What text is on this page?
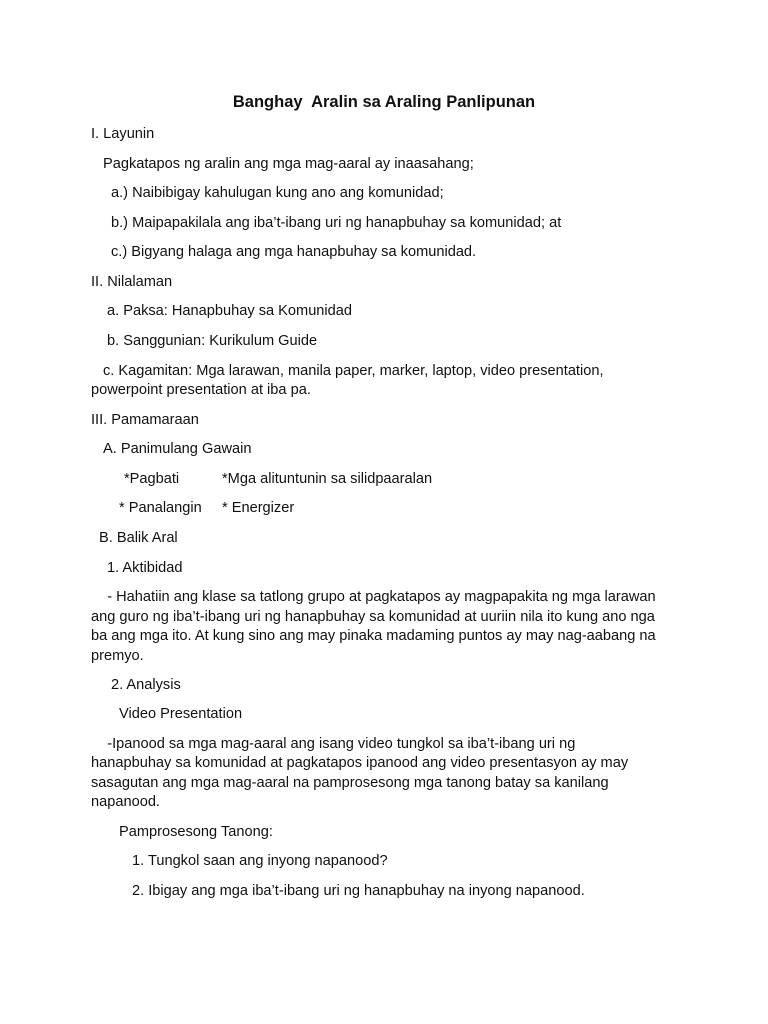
Banghay  Aralin sa Araling Panlipunan
I. Layunin
Pagkatapos ng aralin ang mga mag-aaral ay inaasahang;
a.) Naibibigay kahulugan kung ano ang komunidad;
b.) Maipapakilala ang iba’t-ibang uri ng hanapbuhay sa komunidad; at
c.) Bigyang halaga ang mga hanapbuhay sa komunidad.
II. Nilalaman
a. Paksa: Hanapbuhay sa Komunidad
b. Sanggunian: Kurikulum Guide
c. Kagamitan: Mga larawan, manila paper, marker, laptop, video presentation,
powerpoint presentation at iba pa.
III. Pamamaraan
A. Panimulang Gawain
*Pagbati	*Mga alituntunin sa silidpaaralan
* Panalangin * Energizer
B. Balik Aral
1. Aktibidad
- Hahatiin ang klase sa tatlong grupo at pagkatapos ay magpapakita ng mga larawan
ang guro ng iba’t-ibang uri ng hanapbuhay sa komunidad at uuriin nila ito kung ano nga
ba ang mga ito. At kung sino ang may pinaka madaming puntos ay may nag-aabang na
premyo.
2. Analysis
Video Presentation
-Ipanood sa mga mag-aaral ang isang video tungkol sa iba’t-ibang uri ng
hanapbuhay sa komunidad at pagkatapos ipanood ang video presentasyon ay may
sasagutan ang mga mag-aaral na pamprosesong mga tanong batay sa kanilang
napanood.
Pamprosesong Tanong:
1. Tungkol saan ang inyong napanood?
2. Ibigay ang mga iba’t-ibang uri ng hanapbuhay na inyong napanood.
